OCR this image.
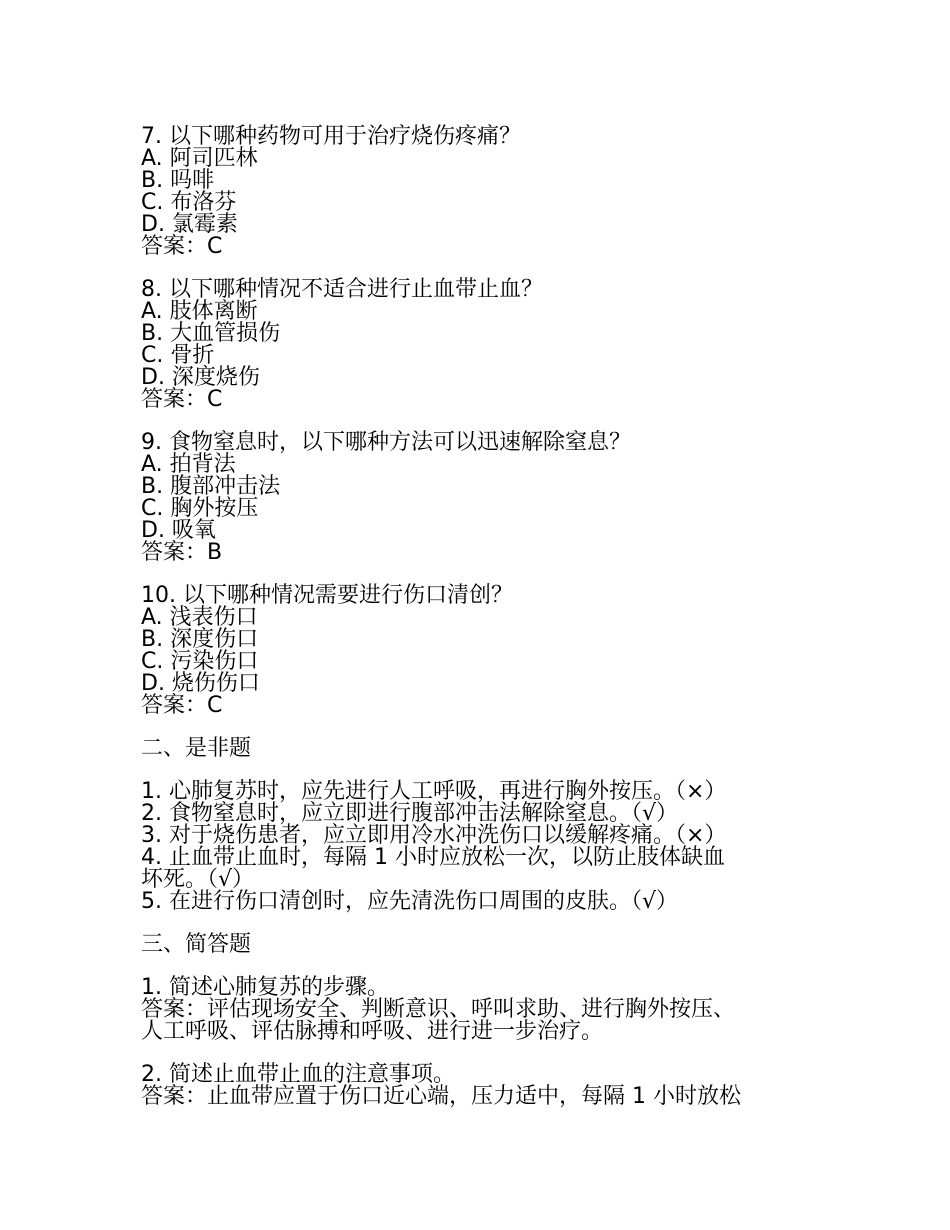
7. 以下哪种药物可用于治疗烧伤疼痛？

A. 阿司匹林

B. 吗啡

C. 布洛芬

D. 氯霉素

答案：C

8. 以下哪种情况不适合进行止血带止血？

A. 肢体离断

B. 大血管损伤

C. 骨折

D. 深度烧伤

答案：C

9. 食物窒息时，以下哪种方法可以迅速解除窒息？

A. 拍背法

B. 腹部冲击法

C. 胸外按压

D. 吸氧

答案：B

10. 以下哪种情况需要进行伤口清创？

A. 浅表伤口

B. 深度伤口

C. 污染伤口

D. 烧伤伤口

答案：C

二、是非题

1. 心肺复苏时，应先进行人工呼吸，再进行胸外按压。（×）

2. 食物窒息时，应立即进行腹部冲击法解除窒息。（√）

3. 对于烧伤患者，应立即用冷水冲洗伤口以缓解疼痛。（×）

4. 止血带止血时，每隔 1 小时应放松一次，以防止肢体缺血

坏死。（√）

5. 在进行伤口清创时，应先清洗伤口周围的皮肤。（√）

三、简答题

1. 简述心肺复苏的步骤。

答案：评估现场安全、判断意识、呼叫求助、进行胸外按压、

人工呼吸、评估脉搏和呼吸、进行进一步治疗。

2. 简述止血带止血的注意事项。

答案：止血带应置于伤口近心端，压力适中，每隔 1 小时放松
